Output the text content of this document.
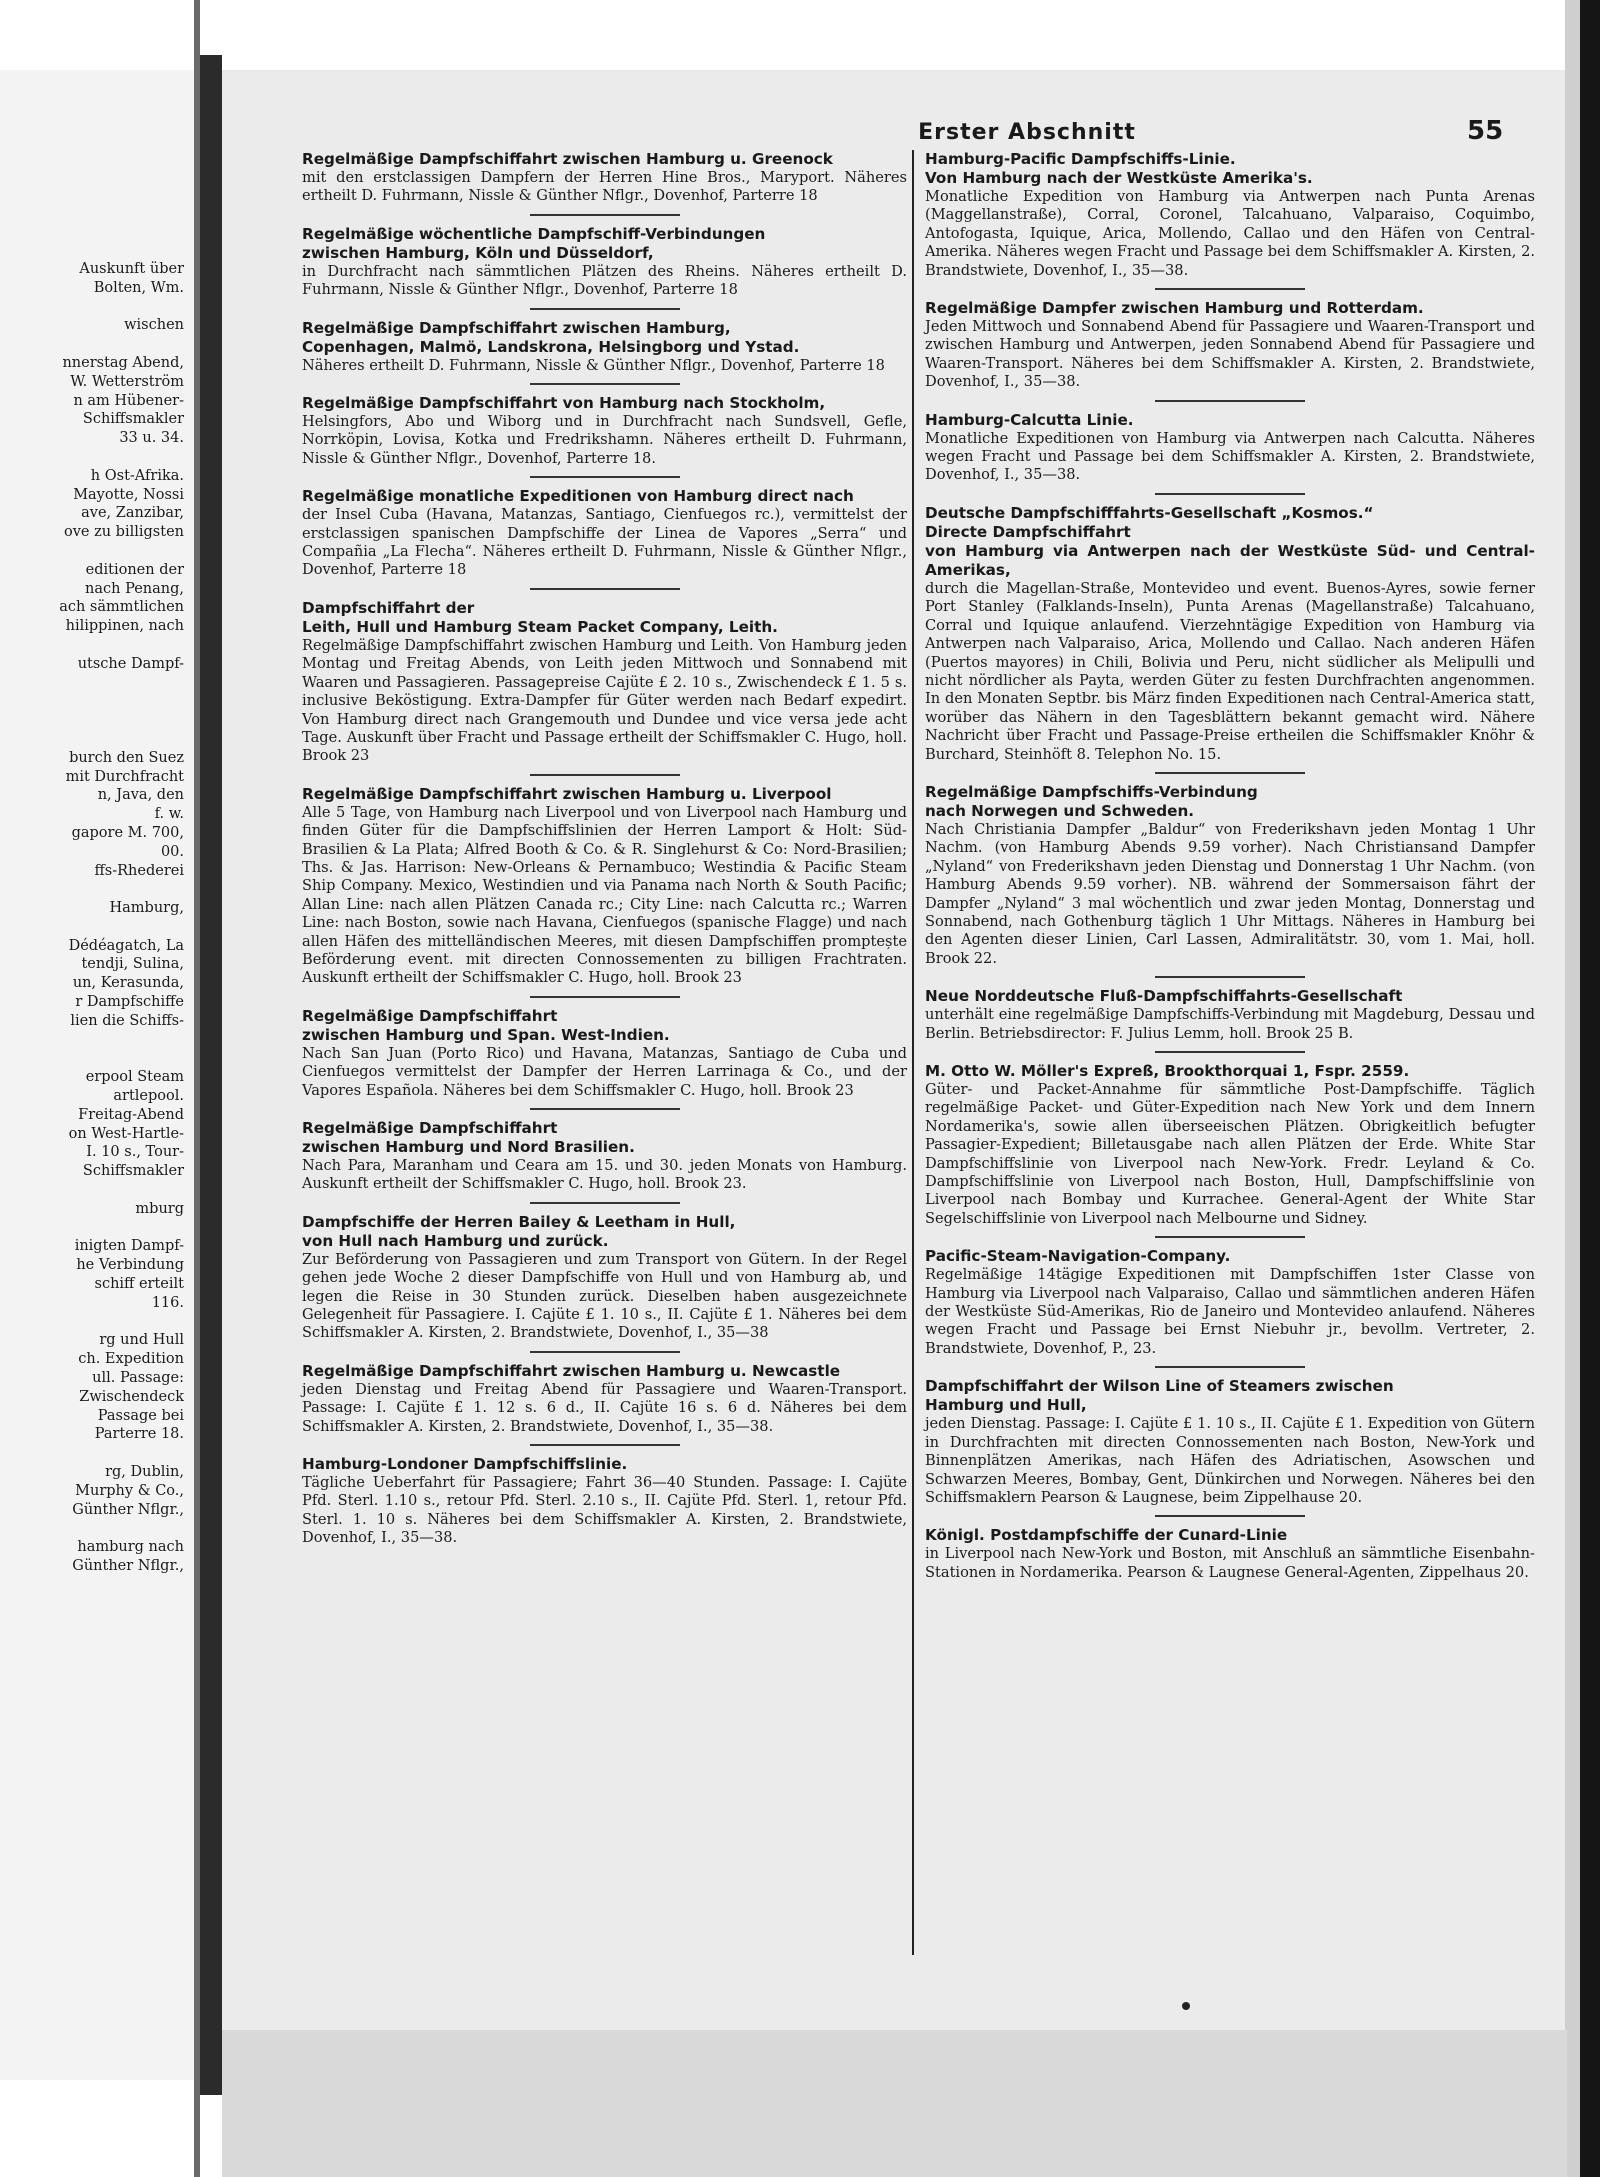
Auskunft über
Bolten, Wm.

wischen

nnerstag Abend,
W. Wetterström
n am Hübener-
Schiffsmakler
33 u. 34.

h Ost-Afrika.
Mayotte, Nossi
ave, Zanzibar,
ove zu billigsten

editionen der
nach Penang,
ach sämmtlichen
hilippinen, nach

utsche Dampf-

burch den Suez
mit Durchfracht
n, Java, den
f. w.
gapore M. 700,
00.
ffs-Rhederei

Hamburg,

Dédéagatch, La
tendji, Sulina,
un, Kerasunda,
r Dampfschiffe
lien die Schiffs-

erpool Steam
artlepool.
Freitag-Abend
on West-Hartle-
I. 10 s., Tour-
Schiffsmakler

mburg

inigten Dampf-
he Verbindung
schiff erteilt
116.

rg und Hull
ch. Expedition
ull. Passage:
Zwischendeck
Passage bei
Parterre 18.

rg, Dublin,
Murphy & Co.,
Günther Nflgr.,

hamburg nach
Günther Nflgr.,
Erster Abschnitt	55

Regelmäßige Dampfschiffahrt zwischen Hamburg u. Greenock

mit den erstclassigen Dampfern der Herren Hine Bros., Maryport. Näheres ertheilt D. Fuhrmann, Nissle & Günther Nflgr., Dovenhof, Parterre 18

Regelmäßige wöchentliche Dampfschiff-Verbindungen

zwischen Hamburg, Köln und Düsseldorf,

in Durchfracht nach sämmtlichen Plätzen des Rheins. Näheres ertheilt D. Fuhrmann, Nissle & Günther Nflgr., Dovenhof, Parterre 18

Regelmäßige Dampfschiffahrt zwischen Hamburg,

Copenhagen, Malmö, Landskrona, Helsingborg und Ystad.

Näheres ertheilt D. Fuhrmann, Nissle & Günther Nflgr., Dovenhof, Parterre 18

Regelmäßige Dampfschiffahrt von Hamburg nach Stockholm,

Helsingfors, Abo und Wiborg und in Durchfracht nach Sundsvell, Gefle, Norrköpin, Lovisa, Kotka und Fredrikshamn. Näheres ertheilt D. Fuhrmann, Nissle & Günther Nflgr., Dovenhof, Parterre 18.

Regelmäßige monatliche Expeditionen von Hamburg direct nach

der Insel Cuba (Havana, Matanzas, Santiago, Cienfuegos rc.), vermittelst der erstclassigen spanischen Dampfschiffe der Linea de Vapores „Serra“ und Compañia „La Flecha“. Näheres ertheilt D. Fuhrmann, Nissle & Günther Nflgr., Dovenhof, Parterre 18

Dampfschiffahrt der

Leith, Hull und Hamburg Steam Packet Company, Leith.

Regelmäßige Dampfschiffahrt zwischen Hamburg und Leith. Von Hamburg jeden Montag und Freitag Abends, von Leith jeden Mittwoch und Sonnabend mit Waaren und Passagieren. Passagepreise Cajüte £ 2. 10 s., Zwischendeck £ 1. 5 s. inclusive Beköstigung. Extra-Dampfer für Güter werden nach Bedarf expedirt. Von Hamburg direct nach Grangemouth und Dundee und vice versa jede acht Tage. Auskunft über Fracht und Passage ertheilt der Schiffsmakler C. Hugo, holl. Brook 23

Regelmäßige Dampfschiffahrt zwischen Hamburg u. Liverpool

Alle 5 Tage, von Hamburg nach Liverpool und von Liverpool nach Hamburg und finden Güter für die Dampfschiffslinien der Herren Lamport & Holt: Süd-Brasilien & La Plata; Alfred Booth & Co. & R. Singlehurst & Co: Nord-Brasilien; Ths. & Jas. Harrison: New-Orleans & Pernambuco; Westindia & Pacific Steam Ship Company. Mexico, Westindien und via Panama nach North & South Pacific; Allan Line: nach allen Plätzen Canada rc.; City Line: nach Calcutta rc.; Warren Line: nach Boston, sowie nach Havana, Cienfuegos (spanische Flagge) und nach allen Häfen des mittelländischen Meeres, mit diesen Dampfschiffen promptește Beförderung event. mit directen Connossementen zu billigen Frachtraten. Auskunft ertheilt der Schiffsmakler C. Hugo, holl. Brook 23

Regelmäßige Dampfschiffahrt

zwischen Hamburg und Span. West-Indien.

Nach San Juan (Porto Rico) und Havana, Matanzas, Santiago de Cuba und Cienfuegos vermittelst der Dampfer der Herren Larrinaga & Co., und der Vapores Española. Näheres bei dem Schiffsmakler C. Hugo, holl. Brook 23

Regelmäßige Dampfschiffahrt

zwischen Hamburg und Nord Brasilien.

Nach Para, Maranham und Ceara am 15. und 30. jeden Monats von Hamburg. Auskunft ertheilt der Schiffsmakler C. Hugo, holl. Brook 23.

Dampfschiffe der Herren Bailey & Leetham in Hull,

von Hull nach Hamburg und zurück.

Zur Beförderung von Passagieren und zum Transport von Gütern. In der Regel gehen jede Woche 2 dieser Dampfschiffe von Hull und von Hamburg ab, und legen die Reise in 30 Stunden zurück. Dieselben haben ausgezeichnete Gelegenheit für Passagiere. I. Cajüte £ 1. 10 s., II. Cajüte £ 1. Näheres bei dem Schiffsmakler A. Kirsten, 2. Brandstwiete, Dovenhof, I., 35—38

Regelmäßige Dampfschiffahrt zwischen Hamburg u. Newcastle

jeden Dienstag und Freitag Abend für Passagiere und Waaren-Transport. Passage: I. Cajüte £ 1. 12 s. 6 d., II. Cajüte 16 s. 6 d. Näheres bei dem Schiffsmakler A. Kirsten, 2. Brandstwiete, Dovenhof, I., 35—38.

Hamburg-Londoner Dampfschiffslinie.

Tägliche Ueberfahrt für Passagiere; Fahrt 36—40 Stunden. Passage: I. Cajüte Pfd. Sterl. 1.10 s., retour Pfd. Sterl. 2.10 s., II. Cajüte Pfd. Sterl. 1, retour Pfd. Sterl. 1. 10 s. Näheres bei dem Schiffsmakler A. Kirsten, 2. Brandstwiete, Dovenhof, I., 35—38.

Hamburg-Pacific Dampfschiffs-Linie.

Von Hamburg nach der Westküste Amerika's.

Monatliche Expedition von Hamburg via Antwerpen nach Punta Arenas (Maggellanstraße), Corral, Coronel, Talcahuano, Valparaiso, Coquimbo, Antofogasta, Iquique, Arica, Mollendo, Callao und den Häfen von Central-Amerika. Näheres wegen Fracht und Passage bei dem Schiffsmakler A. Kirsten, 2. Brandstwiete, Dovenhof, I., 35—38.

Regelmäßige Dampfer zwischen Hamburg und Rotterdam.

Jeden Mittwoch und Sonnabend Abend für Passagiere und Waaren-Transport und zwischen Hamburg und Antwerpen, jeden Sonnabend Abend für Passagiere und Waaren-Transport. Näheres bei dem Schiffsmakler A. Kirsten, 2. Brandstwiete, Dovenhof, I., 35—38.

Hamburg-Calcutta Linie.

Monatliche Expeditionen von Hamburg via Antwerpen nach Calcutta. Näheres wegen Fracht und Passage bei dem Schiffsmakler A. Kirsten, 2. Brandstwiete, Dovenhof, I., 35—38.

Deutsche Dampfschifffahrts-Gesellschaft „Kosmos.“

Directe Dampfschiffahrt

von Hamburg via Antwerpen nach der Westküste Süd- und Central-Amerikas,

durch die Magellan-Straße, Montevideo und event. Buenos-Ayres, sowie ferner Port Stanley (Falklands-Inseln), Punta Arenas (Magellanstraße) Talcahuano, Corral und Iquique anlaufend. Vierzehntägige Expedition von Hamburg via Antwerpen nach Valparaiso, Arica, Mollendo und Callao. Nach anderen Häfen (Puertos mayores) in Chili, Bolivia und Peru, nicht südlicher als Melipulli und nicht nördlicher als Payta, werden Güter zu festen Durchfrachten angenommen. In den Monaten Septbr. bis März finden Expeditionen nach Central-America statt, worüber das Nähern in den Tagesblättern bekannt gemacht wird. Nähere Nachricht über Fracht und Passage-Preise ertheilen die Schiffsmakler Knöhr & Burchard, Steinhöft 8. Telephon No. 15.

Regelmäßige Dampfschiffs-Verbindung

nach Norwegen und Schweden.

Nach Christiania Dampfer „Baldur“ von Frederikshavn jeden Montag 1 Uhr Nachm. (von Hamburg Abends 9.59 vorher). Nach Christiansand Dampfer „Nyland“ von Frederikshavn jeden Dienstag und Donnerstag 1 Uhr Nachm. (von Hamburg Abends 9.59 vorher). NB. während der Sommersaison fährt der Dampfer „Nyland“ 3 mal wöchentlich und zwar jeden Montag, Donnerstag und Sonnabend, nach Gothenburg täglich 1 Uhr Mittags. Näheres in Hamburg bei den Agenten dieser Linien, Carl Lassen, Admiralitätstr. 30, vom 1. Mai, holl. Brook 22.

Neue Norddeutsche Fluß-Dampfschiffahrts-Gesellschaft

unterhält eine regelmäßige Dampfschiffs-Verbindung mit Magdeburg, Dessau und Berlin. Betriebsdirector: F. Julius Lemm, holl. Brook 25 B.

M. Otto W. Möller's Expreß, Brookthorquai 1, Fspr. 2559.

Güter- und Packet-Annahme für sämmtliche Post-Dampfschiffe. Täglich regelmäßige Packet- und Güter-Expedition nach New York und dem Innern Nordamerika's, sowie allen überseeischen Plätzen. Obrigkeitlich befugter Passagier-Expedient; Billetausgabe nach allen Plätzen der Erde. White Star Dampfschiffslinie von Liverpool nach New-York. Fredr. Leyland & Co. Dampfschiffslinie von Liverpool nach Boston, Hull, Dampfschiffslinie von Liverpool nach Bombay und Kurrachee. General-Agent der White Star Segelschiffslinie von Liverpool nach Melbourne und Sidney.

Pacific-Steam-Navigation-Company.

Regelmäßige 14tägige Expeditionen mit Dampfschiffen 1ster Classe von Hamburg via Liverpool nach Valparaiso, Callao und sämmtlichen anderen Häfen der Westküste Süd-Amerikas, Rio de Janeiro und Montevideo anlaufend. Näheres wegen Fracht und Passage bei Ernst Niebuhr jr., bevollm. Vertreter, 2. Brandstwiete, Dovenhof, P., 23.

Dampfschiffahrt der Wilson Line of Steamers zwischen

Hamburg und Hull,

jeden Dienstag. Passage: I. Cajüte £ 1. 10 s., II. Cajüte £ 1. Expedition von Gütern in Durchfrachten mit directen Connossementen nach Boston, New-York und Binnenplätzen Amerikas, nach Häfen des Adriatischen, Asowschen und Schwarzen Meeres, Bombay, Gent, Dünkirchen und Norwegen. Näheres bei den Schiffsmaklern Pearson & Laugnese, beim Zippelhause 20.

Königl. Postdampfschiffe der Cunard-Linie

in Liverpool nach New-York und Boston, mit Anschluß an sämmtliche Eisenbahn-Stationen in Nordamerika. Pearson & Laugnese General-Agenten, Zippelhaus 20.
